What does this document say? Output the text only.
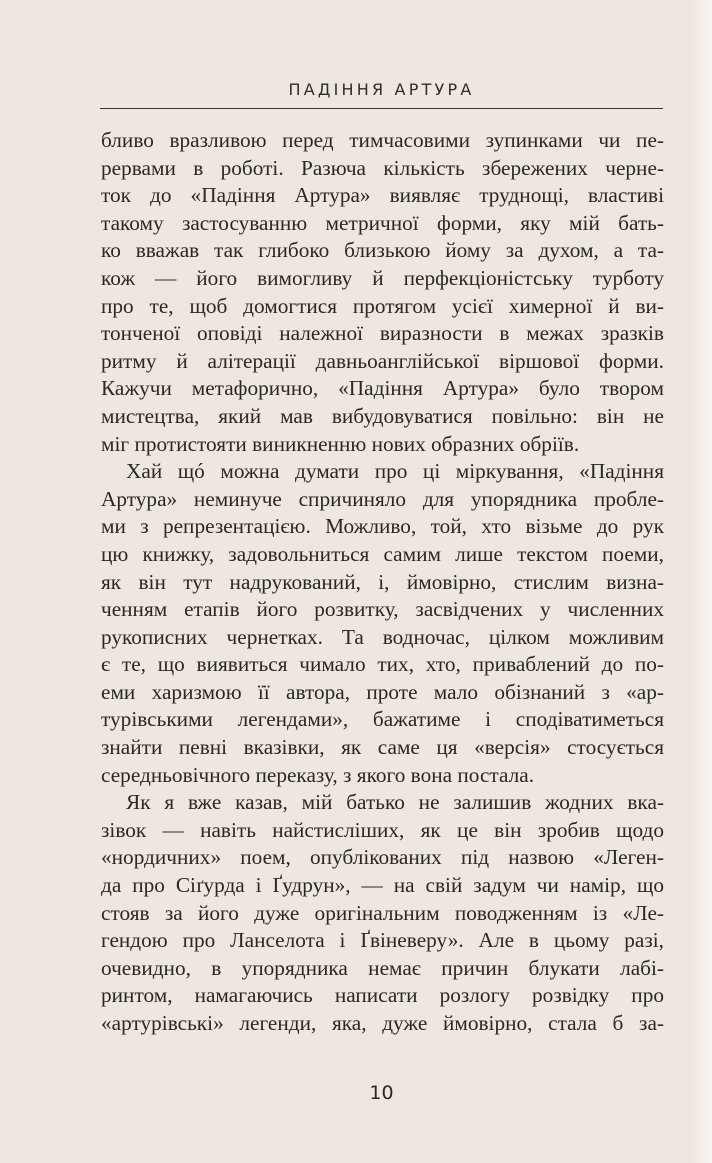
ПАДІННЯ АРТУРА
бливо вразливою перед тимчасовими зупинками чи пе-
рервами в роботі. Разюча кількість збережених черне-
ток до «Падіння Артура» виявляє труднощі, властиві
такому застосуванню метричної форми, яку мій бать-
ко вважав так глибоко близькою йому за духом, а та-
кож — його вимогливу й перфекціоністську турботу
про те, щоб домогтися протягом усієї химерної й ви-
тонченої оповіді належної виразности в межах зразків
ритму й алітерації давньоанглійської віршової форми.
Кажучи метафорично, «Падіння Артура» було твором
мистецтва, який мав вибудовуватися повільно: він не
міг протистояти виникненню нових образних обріїв.
Хай щó можна думати про ці міркування, «Падіння
Артура» неминуче спричиняло для упорядника пробле-
ми з репрезентацією. Можливо, той, хто візьме до рук
цю книжку, задовольниться самим лише текстом поеми,
як він тут надрукований, і, ймовірно, стислим визна-
ченням етапів його розвитку, засвідчених у численних
рукописних чернетках. Та водночас, цілком можливим
є те, що виявиться чимало тих, хто, приваблений до по-
еми харизмою її автора, проте мало обізнаний з «ар-
турівськими легендами», бажатиме і сподіватиметься
знайти певні вказівки, як саме ця «версія» стосується
середньовічного переказу, з якого вона постала.
Як я вже казав, мій батько не залишив жодних вка-
зівок — навіть найстисліших, як це він зробив щодо
«нордичних» поем, опублікованих під назвою «Леген-
да про Сіґурда і Ґудрун», — на свій задум чи намір, що
стояв за його дуже оригінальним поводженням із «Ле-
гендою про Ланселота і Ґвіневеру». Але в цьому разі,
очевидно, в упорядника немає причин блукати лабі-
ринтом, намагаючись написати розлогу розвідку про
«артурівські» легенди, яка, дуже ймовірно, стала б за-
10
